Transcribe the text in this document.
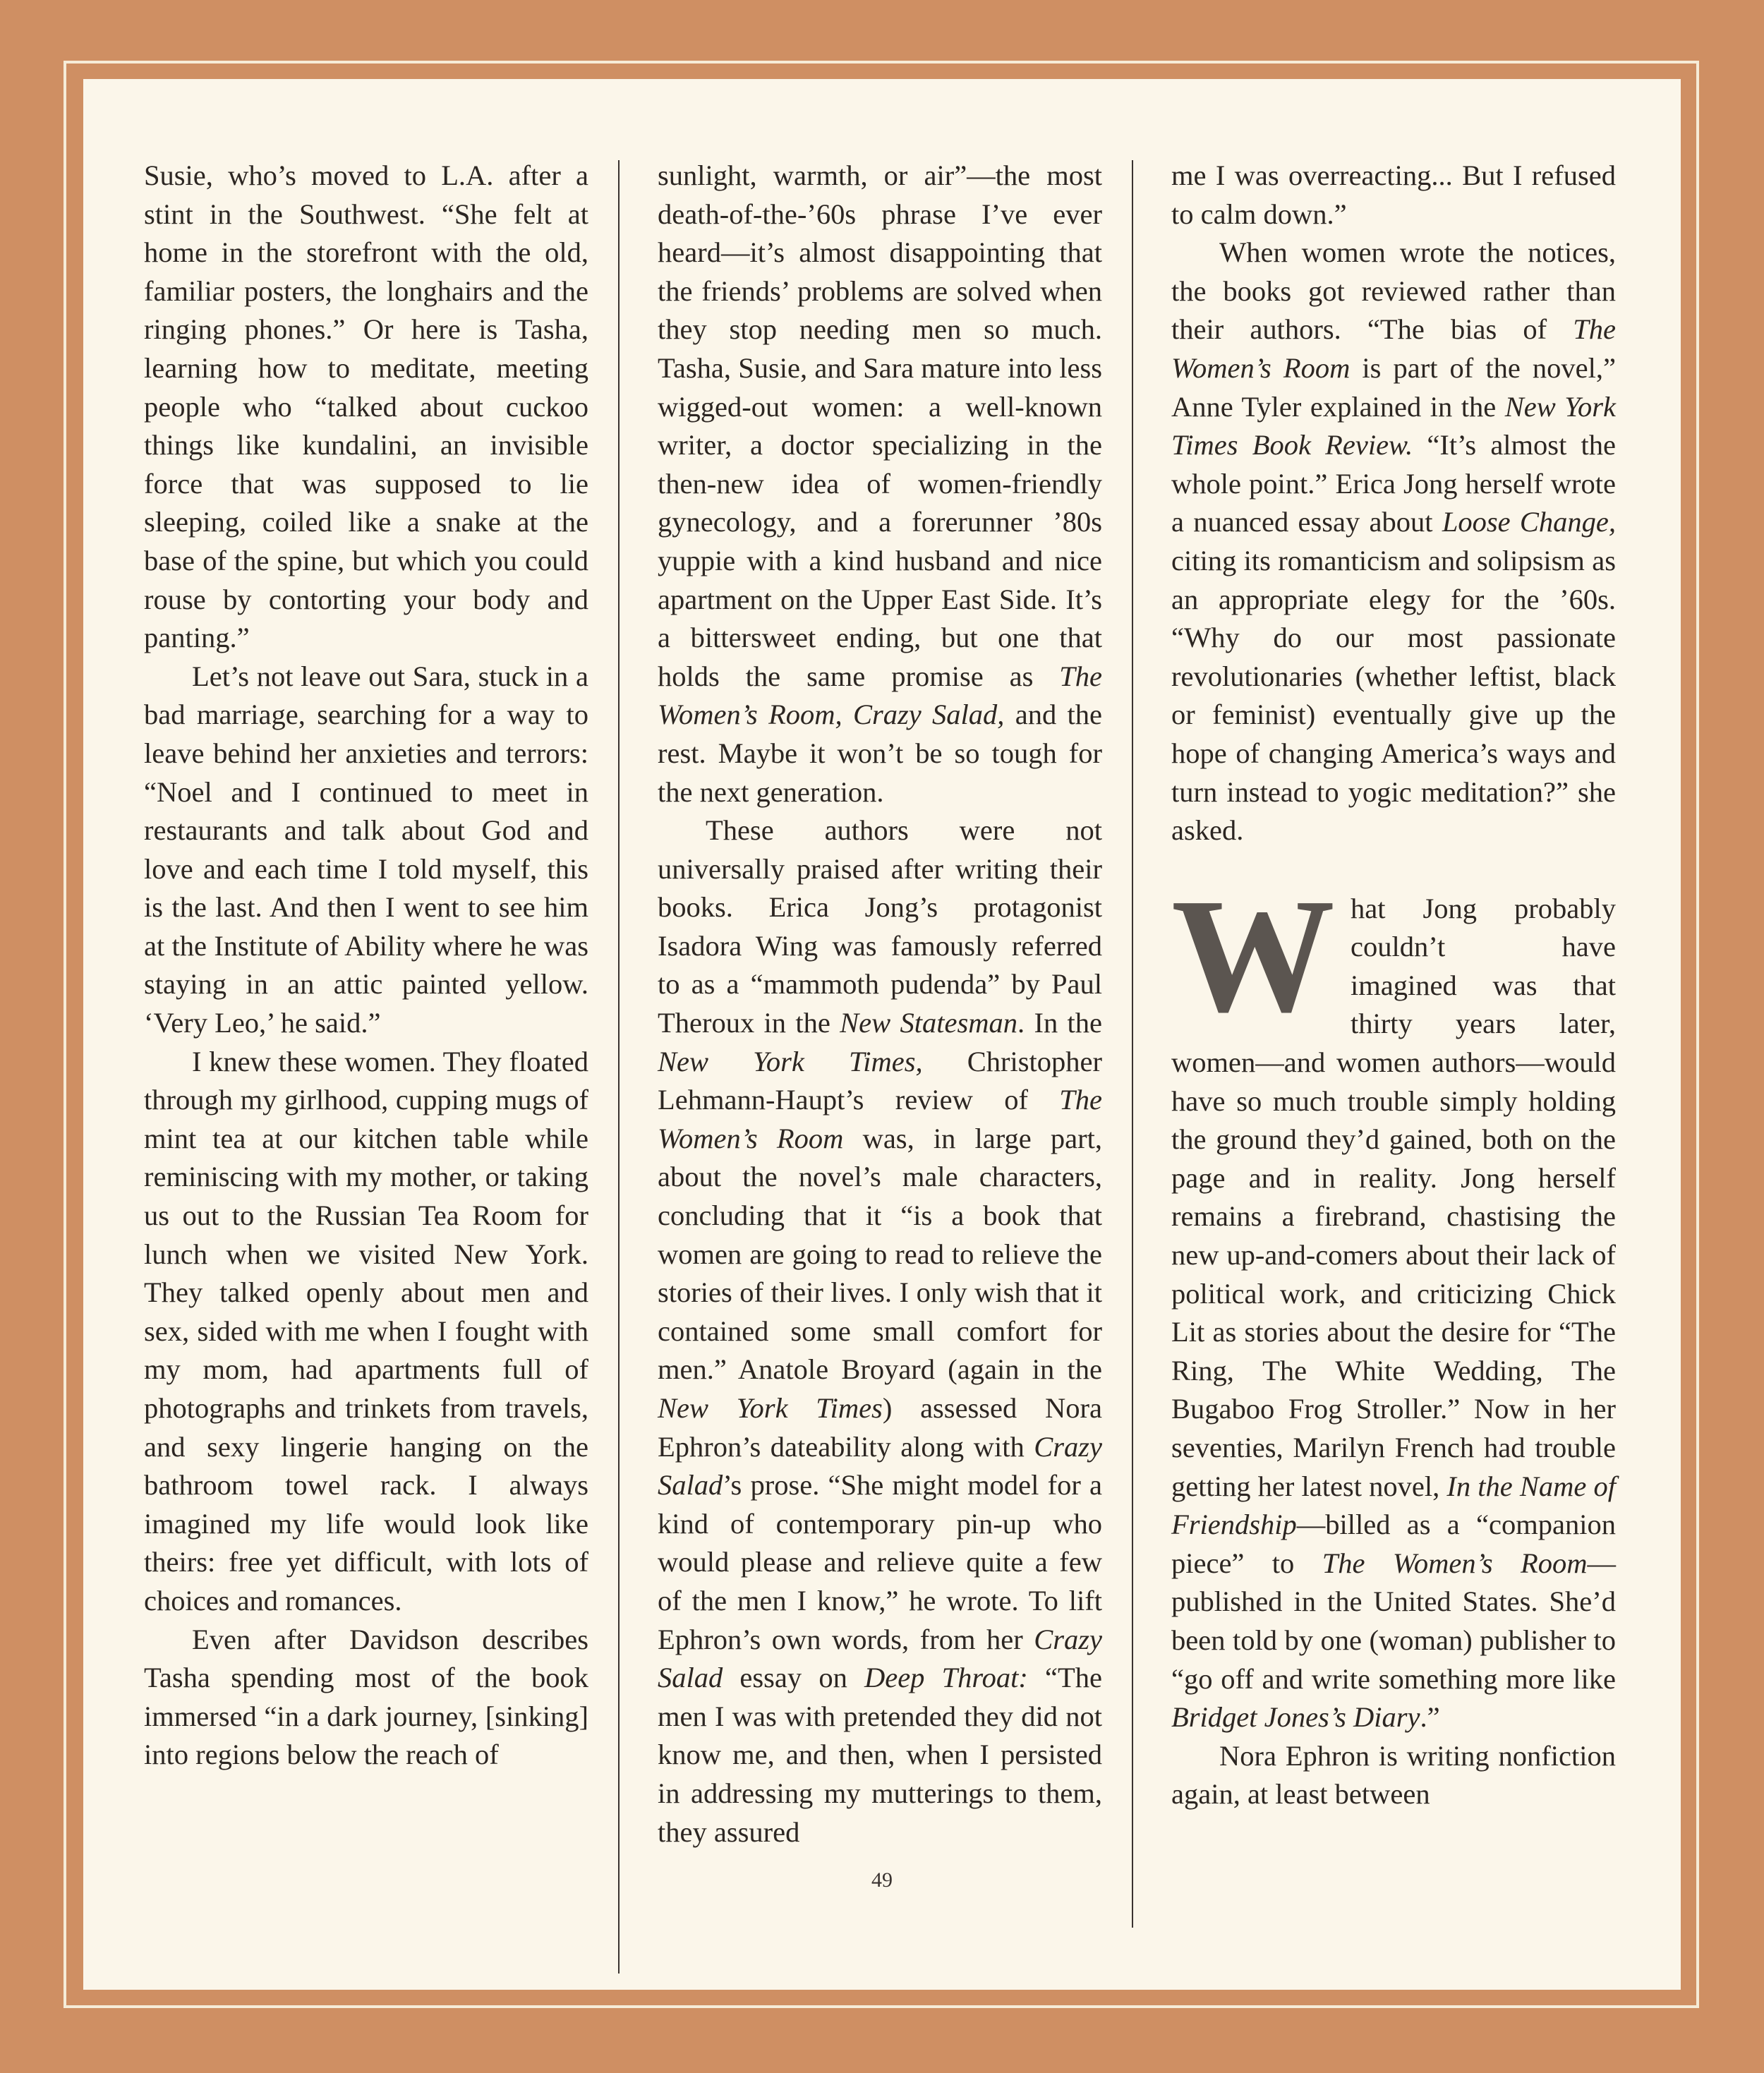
Susie, who’s moved to L.A. after a stint in the Southwest. “She felt at home in the storefront with the old, familiar posters, the longhairs and the ringing phones.” Or here is Tasha, learning how to meditate, meeting people who “talked about cuckoo things like kundalini, an invisible force that was supposed to lie sleeping, coiled like a snake at the base of the spine, but which you could rouse by contorting your body and panting.”

Let’s not leave out Sara, stuck in a bad marriage, searching for a way to leave behind her anxieties and terrors: “Noel and I continued to meet in restaurants and talk about God and love and each time I told myself, this is the last. And then I went to see him at the Institute of Ability where he was staying in an attic painted yellow. ‘Very Leo,’ he said.”

I knew these women. They floated through my girlhood, cupping mugs of mint tea at our kitchen table while reminiscing with my mother, or taking us out to the Russian Tea Room for lunch when we visited New York. They talked openly about men and sex, sided with me when I fought with my mom, had apartments full of photographs and trinkets from travels, and sexy lingerie hanging on the bathroom towel rack. I always imagined my life would look like theirs: free yet difficult, with lots of choices and romances.

Even after Davidson describes Tasha spending most of the book immersed “in a dark journey, [sinking] into regions below the reach of

sunlight, warmth, or air”—the most death-of-the-’60s phrase I’ve ever heard—it’s almost disappointing that the friends’ problems are solved when they stop needing men so much. Tasha, Susie, and Sara mature into less wigged-out women: a well-known writer, a doctor specializing in the then-new idea of women-friendly gynecology, and a forerunner ’80s yuppie with a kind husband and nice apartment on the Upper East Side. It’s a bittersweet ending, but one that holds the same promise as The Women’s Room, Crazy Salad, and the rest. Maybe it won’t be so tough for the next generation.

These authors were not universally praised after writing their books. Erica Jong’s protagonist Isadora Wing was famously referred to as a “mammoth pudenda” by Paul Theroux in the New Statesman. In the New York Times, Christopher Lehmann-Haupt’s review of The Women’s Room was, in large part, about the novel’s male characters, concluding that it “is a book that women are going to read to relieve the stories of their lives. I only wish that it contained some small comfort for men.” Anatole Broyard (again in the New York Times) assessed Nora Ephron’s dateability along with Crazy Salad’s prose. “She might model for a kind of contemporary pin-up who would please and relieve quite a few of the men I know,” he wrote. To lift Ephron’s own words, from her Crazy Salad essay on Deep Throat: “The men I was with pretended they did not know me, and then, when I persisted in addressing my mutterings to them, they assured

me I was overreacting... But I refused to calm down.”

When women wrote the notices, the books got reviewed rather than their authors. “The bias of The Women’s Room is part of the novel,” Anne Tyler explained in the New York Times Book Review. “It’s almost the whole point.” Erica Jong herself wrote a nuanced essay about Loose Change, citing its romanticism and solipsism as an appropriate elegy for the ’60s. “Why do our most passionate revolutionaries (whether leftist, black or feminist) eventually give up the hope of changing America’s ways and turn instead to yogic meditation?” she asked.

What Jong probably couldn’t have imagined was that thirty years later, women—and women authors—would have so much trouble simply holding the ground they’d gained, both on the page and in reality. Jong herself remains a firebrand, chastising the new up-and-comers about their lack of political work, and criticizing Chick Lit as stories about the desire for “The Ring, The White Wedding, The Bugaboo Frog Stroller.” Now in her seventies, Marilyn French had trouble getting her latest novel, In the Name of Friendship—billed as a “companion piece” to The Women’s Room—published in the United States. She’d been told by one (woman) publisher to “go off and write something more like Bridget Jones’s Diary.”

Nora Ephron is writing nonfiction again, at least between

49
